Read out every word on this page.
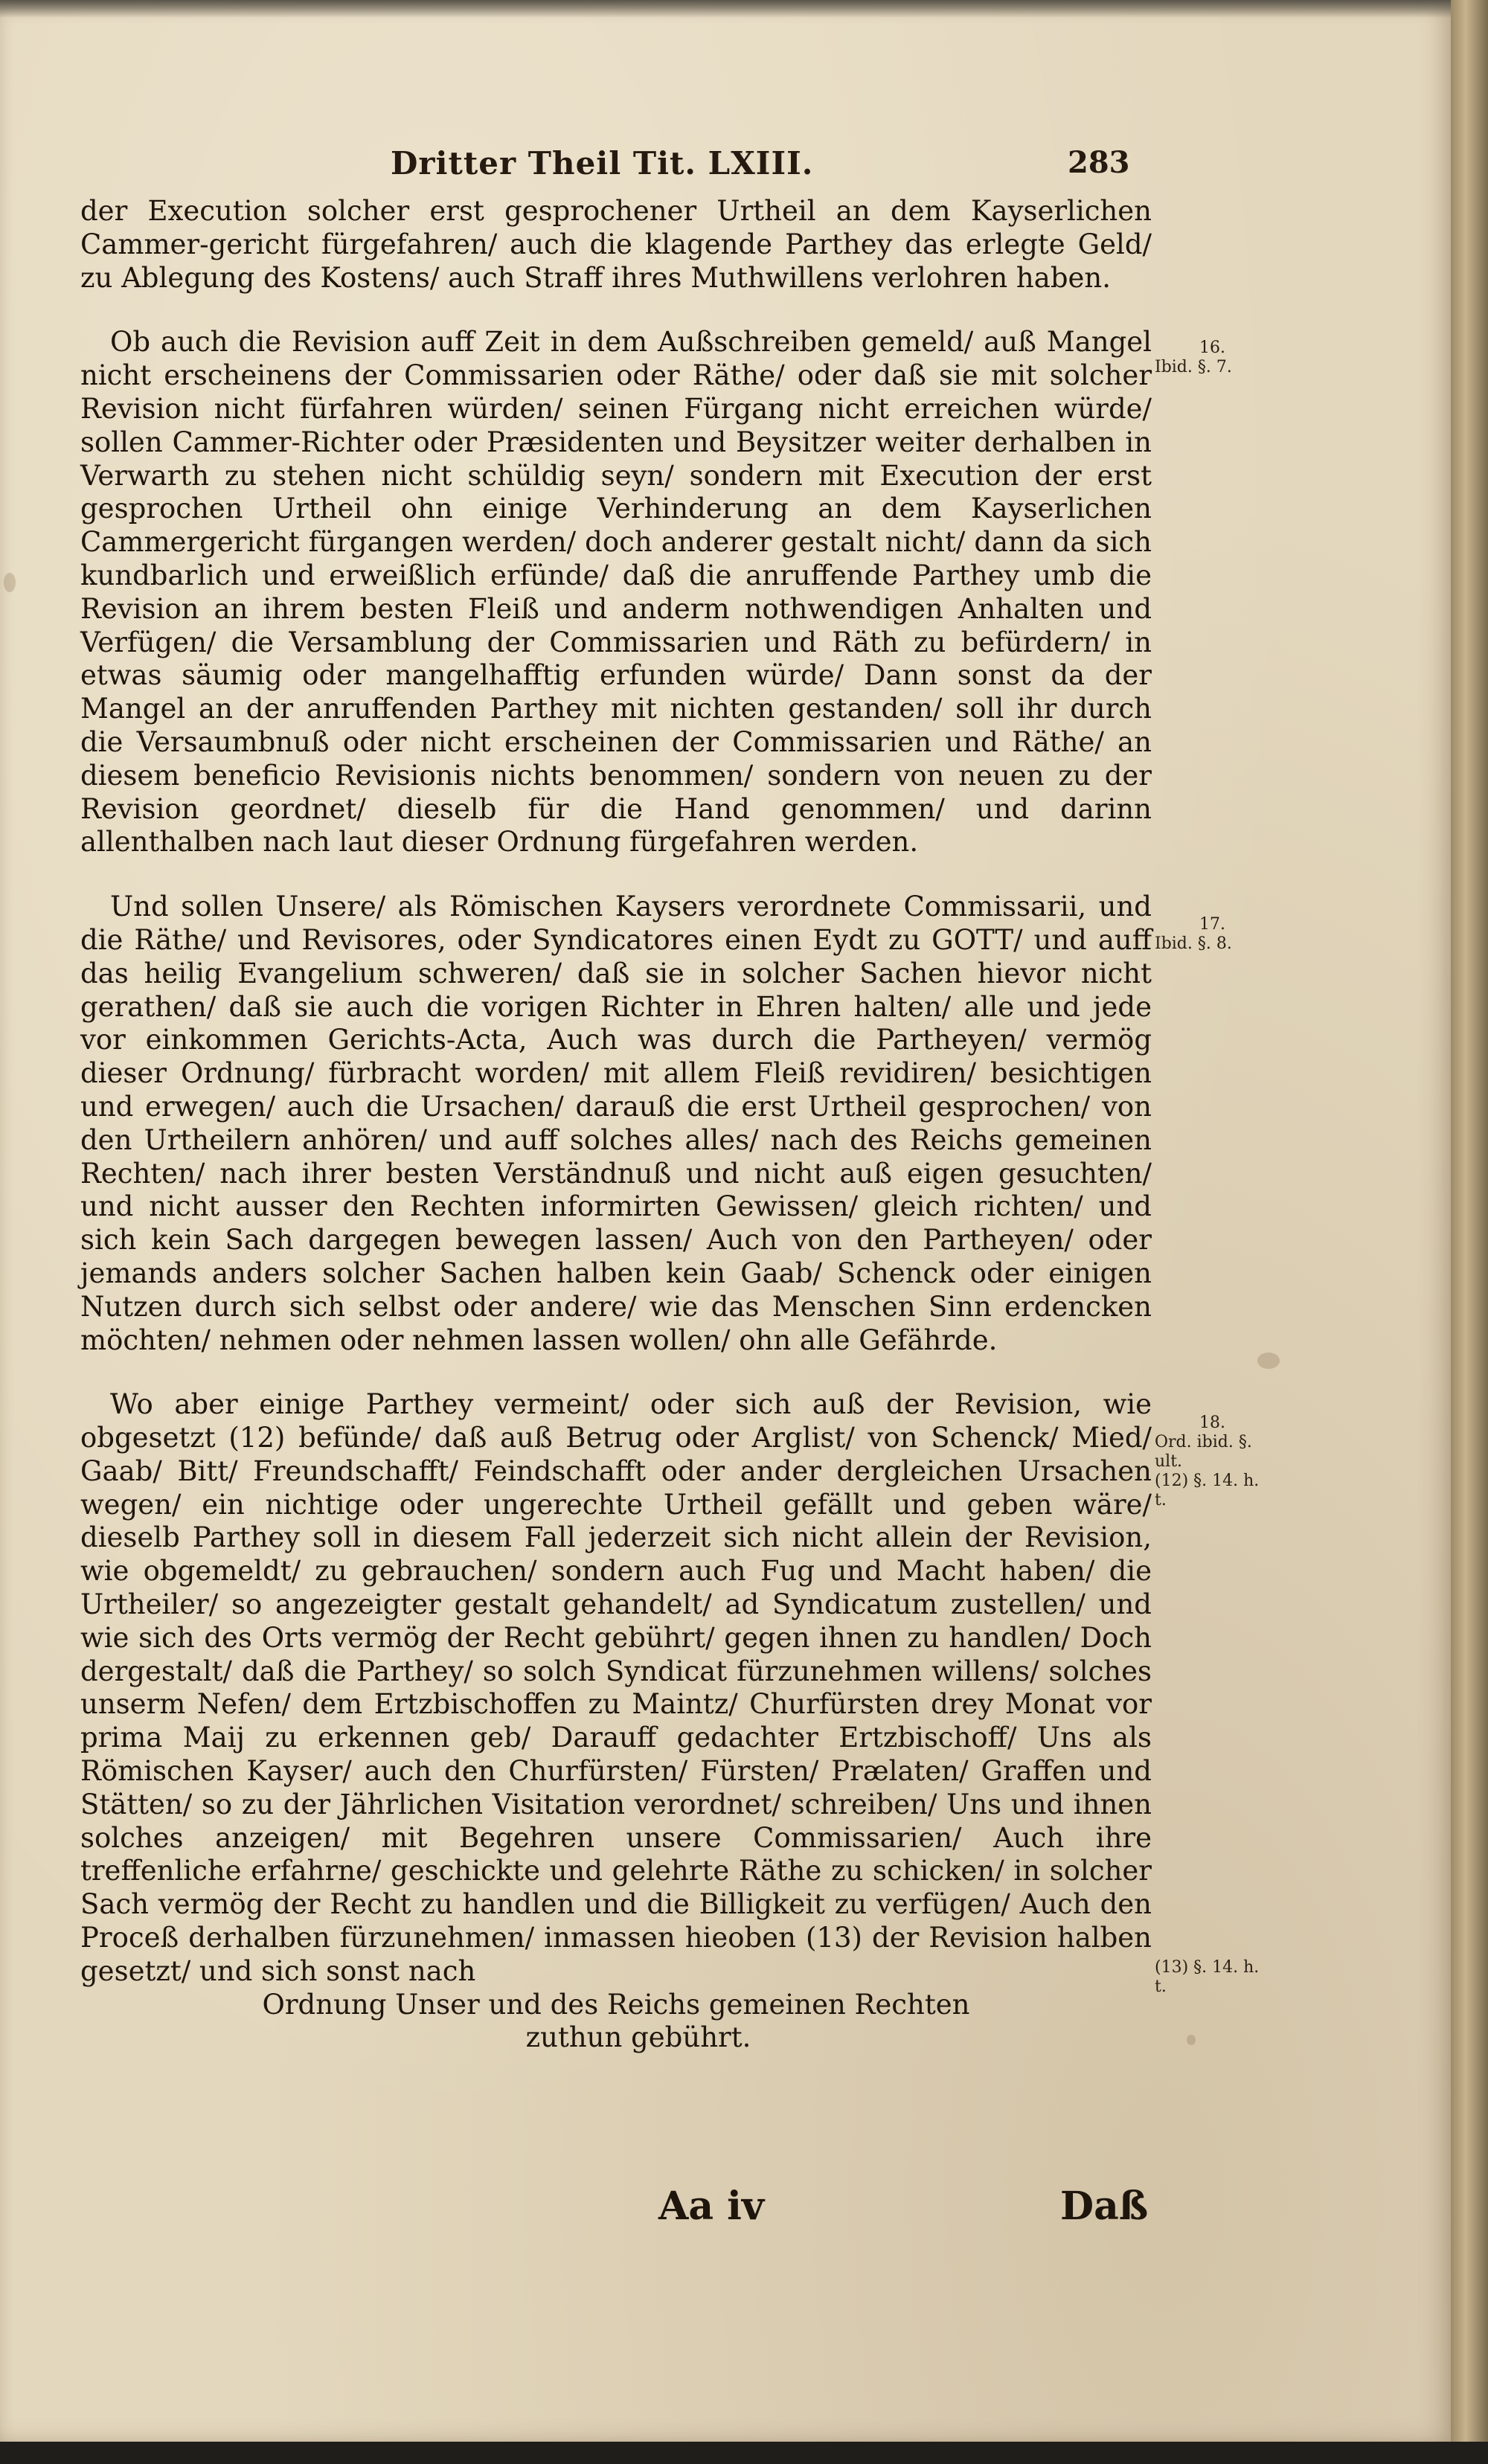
Dritter Theil Tit. LXIII.	283

der Execution solcher erst gesprochener Urtheil an dem Kayserlichen Cammer-gericht fürgefahren/ auch die klagende Parthey das erlegte Geld/ zu Ablegung des Kostens/ auch Straff ihres Muthwillens verlohren haben.

Ob auch die Revision auff Zeit in dem Außschreiben gemeld/ auß Mangel nicht erscheinens der Commissarien oder Räthe/ oder daß sie mit solcher Revision nicht fürfahren würden/ seinen Fürgang nicht erreichen würde/ sollen Cammer-Richter oder Præsidenten und Beysitzer weiter derhalben in Verwarth zu stehen nicht schüldig seyn/ sondern mit Execution der erst gesprochen Urtheil ohn einige Verhinderung an dem Kayserlichen Cammergericht fürgangen werden/ doch anderer gestalt nicht/ dann da sich kundbarlich und erweißlich erfünde/ daß die anruffende Parthey umb die Revision an ihrem besten Fleiß und anderm nothwendigen Anhalten und Verfügen/ die Versamblung der Commissarien und Räth zu befürdern/ in etwas säumig oder mangelhafftig erfunden würde/ Dann sonst da der Mangel an der anruffenden Parthey mit nichten gestanden/ soll ihr durch die Versaumbnuß oder nicht erscheinen der Commissarien und Räthe/ an diesem beneficio Revisionis nichts benommen/ sondern von neuen zu der Revision geordnet/ dieselb für die Hand genommen/ und darinn allenthalben nach laut dieser Ordnung fürgefahren werden.

Und sollen Unsere/ als Römischen Kaysers verordnete Commissarii, und die Räthe/ und Revisores, oder Syndicatores einen Eydt zu GOTT/ und auff das heilig Evangelium schweren/ daß sie in solcher Sachen hievor nicht gerathen/ daß sie auch die vorigen Richter in Ehren halten/ alle und jede vor einkommen Gerichts-Acta, Auch was durch die Partheyen/ vermög dieser Ordnung/ fürbracht worden/ mit allem Fleiß revidiren/ besichtigen und erwegen/ auch die Ursachen/ darauß die erst Urtheil gesprochen/ von den Urtheilern anhören/ und auff solches alles/ nach des Reichs gemeinen Rechten/ nach ihrer besten Verständnuß und nicht auß eigen gesuchten/ und nicht ausser den Rechten informirten Gewissen/ gleich richten/ und sich kein Sach dargegen bewegen lassen/ Auch von den Partheyen/ oder jemands anders solcher Sachen halben kein Gaab/ Schenck oder einigen Nutzen durch sich selbst oder andere/ wie das Menschen Sinn erdencken möchten/ nehmen oder nehmen lassen wollen/ ohn alle Gefährde.

Wo aber einige Parthey vermeint/ oder sich auß der Revision, wie obgesetzt (12) befünde/ daß auß Betrug oder Arglist/ von Schenck/ Mied/ Gaab/ Bitt/ Freundschafft/ Feindschafft oder ander dergleichen Ursachen wegen/ ein nichtige oder ungerechte Urtheil gefällt und geben wäre/ dieselb Parthey soll in diesem Fall jederzeit sich nicht allein der Revision, wie obgemeldt/ zu gebrauchen/ sondern auch Fug und Macht haben/ die Urtheiler/ so angezeigter gestalt gehandelt/ ad Syndicatum zustellen/ und wie sich des Orts vermög der Recht gebührt/ gegen ihnen zu handlen/ Doch dergestalt/ daß die Parthey/ so solch Syndicat fürzunehmen willens/ solches unserm Nefen/ dem Ertzbischoffen zu Maintz/ Churfürsten drey Monat vor prima Maij zu erkennen geb/ Darauff gedachter Ertzbischoff/ Uns als Römischen Kayser/ auch den Churfürsten/ Fürsten/ Prælaten/ Graffen und Stätten/ so zu der Jährlichen Visitation verordnet/ schreiben/ Uns und ihnen solches anzeigen/ mit Begehren unsere Commissarien/ Auch ihre treffenliche erfahrne/ geschickte und gelehrte Räthe zu schicken/ in solcher Sach vermög der Recht zu handlen und die Billigkeit zu verfügen/ Auch den Proceß derhalben fürzunehmen/ inmassen hieoben (13) der Revision halben gesetzt/ und sich sonst nach

Ordnung Unser und des Reichs gemeinen Rechten
zuthun gebührt.

16.
Ibid. §. 7.
17.
Ibid. §. 8.
18.
Ord. ibid. §. ult.
(12) §. 14. h. t.
(13) §. 14. h. t.
Aa iv	Daß
